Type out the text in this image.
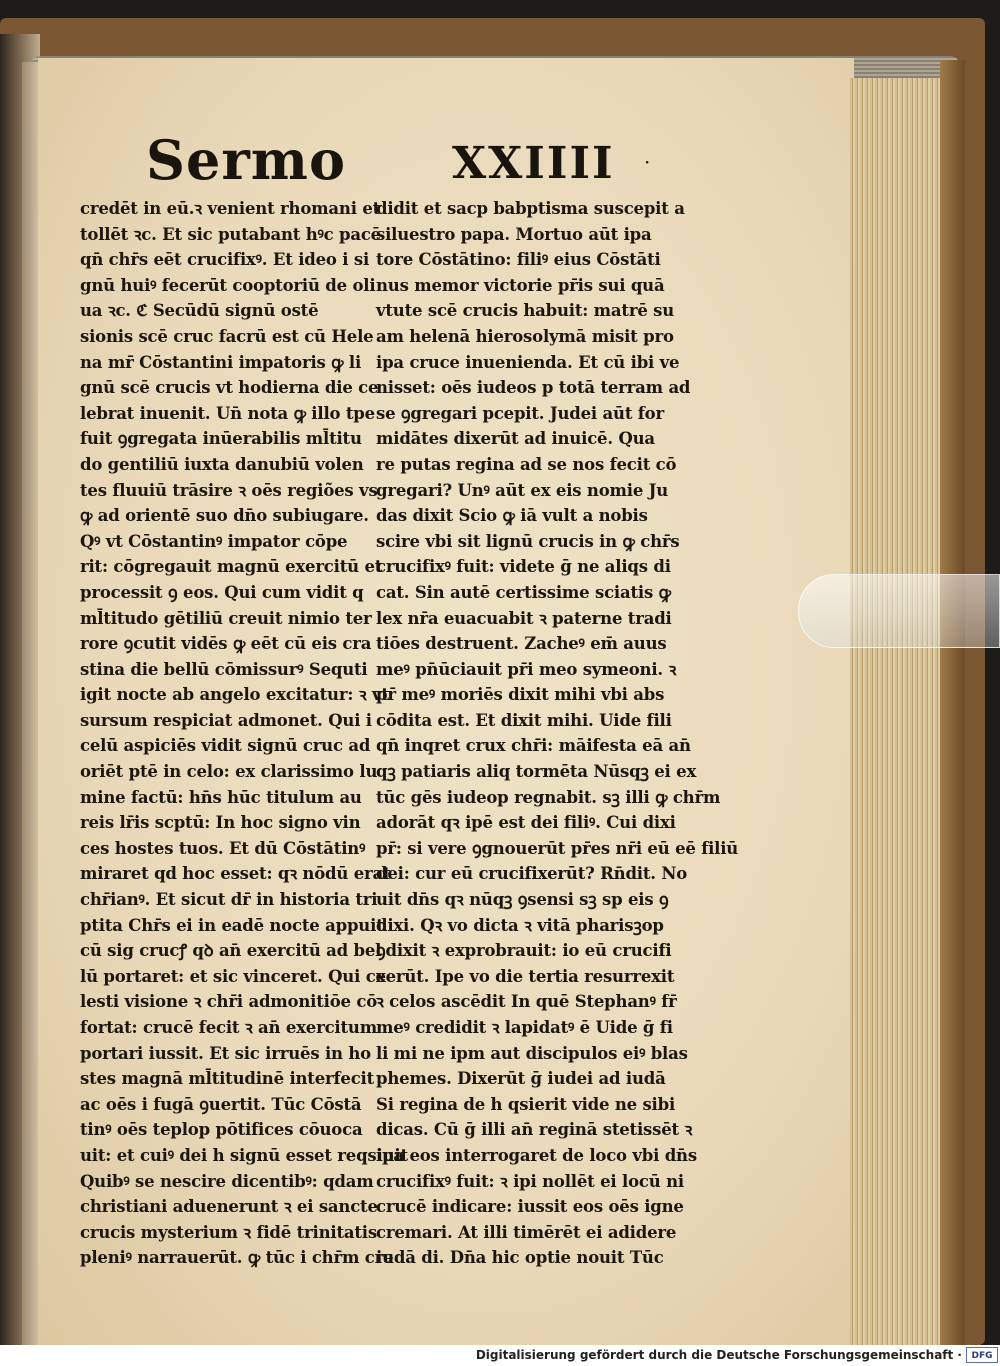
Sermo XXIIII ·
credēt in eū.ꝛ venient rhomani et
tollēt ꝛc. Et sic putabant hꝰc pacē
qn̄ chr̄s eēt crucifixꝰ. Et ideo i si
gnū huiꝰ fecerūt cooptoriū de oli
ua ꝛc. ℭ Secūdū signū ostē
sionis scē cruc facrū est cū Hele
na mr̄ Cōstantini impatoris ꝙ li
gnū scē crucis vt hodierna die ce
lebrat inuenit. Un̄ nota ꝙ illo tpe
fuit ꝯgregata inūerabilis ml̄titu
do gentiliū iuxta danubiū volen
tes fluuiū trāsire ꝛ oēs regiões vs
ꝙ ad orientē suo dn̄o subiugare.
Qꝰ vt Cōstantinꝰ impator cōpe
rit: cōgregauit magnū exercitū et
processit ꝯ eos. Qui cum vidit q
ml̄titudo gētiliū creuit nimio ter
rore ꝯcutit vidēs ꝙ eēt cū eis cra
stina die bellū cōmissurꝰ Sequti
igit nocte ab angelo excitatur: ꝛ vt
sursum respiciat admonet. Qui i
celū aspiciēs vidit signū cruc ad
oriēt ptē in celo: ex clarissimo lu
mine factū: hn̄s hūc titulum au
reis lr̄is scptū: In hoc signo vin
ces hostes tuos. Et dū Cōstātinꝰ
miraret qd hoc esset: qꝛ nōdū erat
chr̄ianꝰ. Et sicut dr̄ in historia tri
ptita Chr̄s ei in eadē nocte appuit
cū sig crucꝭ qꝺ an̄ exercitū ad bel
lū portaret: et sic vinceret. Qui ce
lesti visione ꝛ chr̄i admonitiōe cō
fortat: crucē fecit ꝛ an̄ exercitum
portari iussit. Et sic irruēs in ho
stes magnā ml̄titudinē interfecit
ac oēs i fugā ꝯuertit. Tūc Cōstā
tinꝰ oēs teplop pōtifices cōuoca
uit: et cuiꝰ dei h signū esset reqsiuit
Quibꝰ se nescire dicentibꝰ: qdam
christiani aduenerunt ꝛ ei sancte
crucis mysterium ꝛ fidē trinitatis
pleniꝰ narrauerūt. ꝙ tūc i chr̄m cre
didit et sacp babptisma suscepit a
siluestro papa. Mortuo aūt ipa
tore Cōstātino: filiꝰ eius Cōstāti
nus memor victorie pr̄is sui quā
vtute scē crucis habuit: matrē su
am helenā hierosolymā misit pro
ipa cruce inuenienda. Et cū ibi ve
nisset: oēs iudeos p totā terram ad
se ꝯgregari pcepit. Judei aūt for
midātes dixerūt ad inuicē. Qua
re putas regina ad se nos fecit cō
gregari? Unꝰ aūt ex eis nomie Ju
das dixit Scio ꝙ iā vult a nobis
scire vbi sit lignū crucis in ꝙ chr̄s
crucifixꝰ fuit: videte ḡ ne aliqs di
cat. Sin autē certissime sciatis ꝙ
lex nr̄a euacuabit ꝛ paterne tradi
tiōes destruent. Zacheꝰ em̄ auus
meꝰ pn̄ūciauit pr̄i meo symeoni. ꝛ
pr̄ meꝰ moriēs dixit mihi vbi abs
cōdita est. Et dixit mihi. Uide fili
qn̄ inqret crux chr̄i: māifesta eā an̄
qꝫ patiaris aliq tormēta Nūsqꝫ ei ex
tūc gēs iudeop regnabit. sꝫ illi ꝙ chr̄m
adorāt qꝛ ipē est dei filiꝰ. Cui dixi
pr̄: si vere ꝯgnouerūt pr̄es nr̄i eū eē filiū
dei: cur eū crucifixerūt? Rn̄dit. No
uit dn̄s qꝛ nūqꝫ ꝯsensi sꝫ sp eis ꝯ
dixi. Qꝛ vo dicta ꝛ vitā pharisꝫop
ꝯdixit ꝛ exprobrauit: io eū crucifi
xerūt. Ipe vo die tertia resurrexit
ꝛ celos ascēdit In quē Stephanꝰ fr̄
meꝰ credidit ꝛ lapidatꝰ ē Uide ḡ fi
li mi ne ipm aut discipulos eiꝰ blas
phemes. Dixerūt ḡ iudei ad iudā
Si regina de h qsierit vide ne sibi
dicas. Cū ḡ illi an̄ reginā stetissēt ꝛ
ipa eos interrogaret de loco vbi dn̄s
crucifixꝰ fuit: ꝛ ipi nollēt ei locū ni
crucē indicare: iussit eos oēs igne
cremari. At illi timērēt ei adidere
iudā di. Dn̄a hic optie nouit Tūc
Digitalisierung gefördert durch die Deutsche Forschungsgemeinschaft ·	DFG
